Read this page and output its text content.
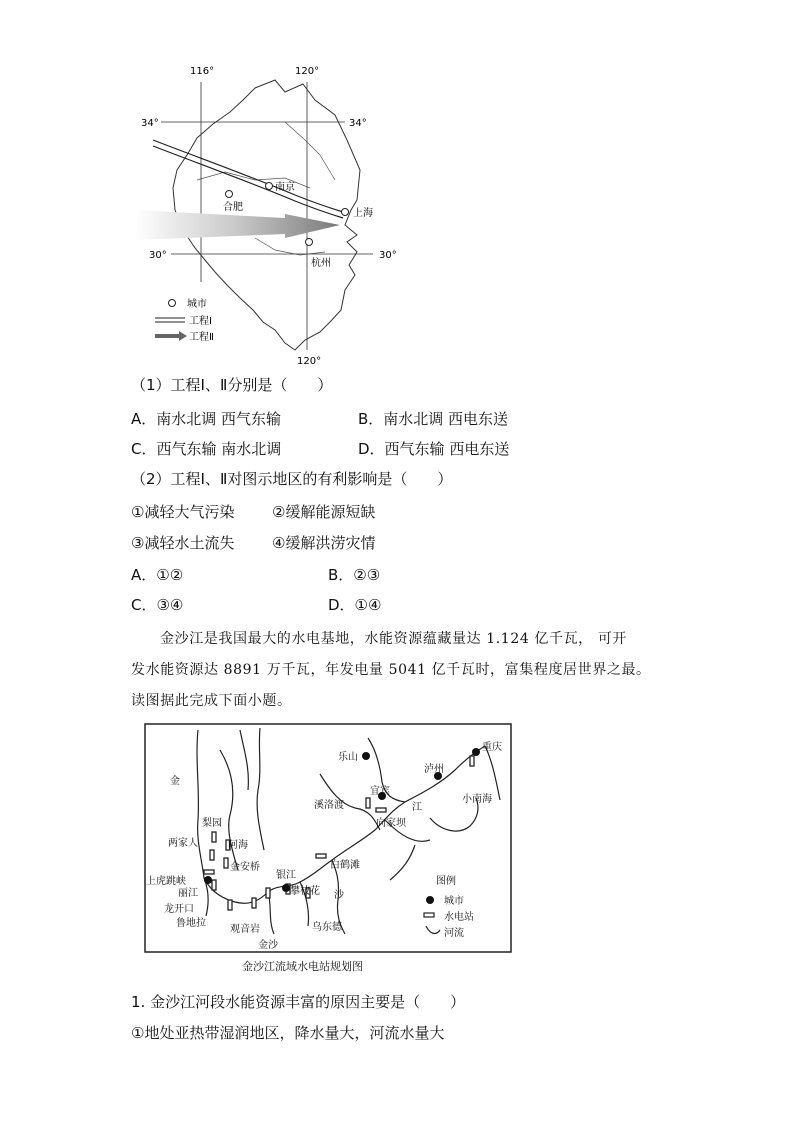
116°	120°
120°
34°	34°
30°	30°
南京
合肥
上海
杭州
城市
工程Ⅰ
工程Ⅱ
（1）工程Ⅰ、Ⅱ分别是（　　）
A．南水北调 西气东输	B．南水北调 西电东送
C．西气东输 南水北调	D．西气东输 西电东送
（2）工程Ⅰ、Ⅱ对图示地区的有利影响是（　　）
①减轻大气污染	②缓解能源短缺
③减轻水土流失	④缓解洪涝灾情
A．①②	B．②③
C．③④	D．①④
金沙江是我国最大的水电基地，水能资源蕴藏量达 1.124 亿千瓦， 可开
发水能资源达 8891 万千瓦，年发电量 5041 亿千瓦时，富集程度居世界之最。
读图据此完成下面小题。
金
沙
江
金沙
乐山
泸州
重庆
小南海
宜宾
溪洛渡
向家坝
白鹤滩
乌东德
梨园
阿海
两家人
金安桥
上虎跳峡
丽江
银江
攀枝花
龙开口
鲁地拉
观音岩
图例
城市
水电站
河流
金沙江流域水电站规划图
1. 金沙江河段水能资源丰富的原因主要是（　　）
①地处亚热带湿润地区，降水量大，河流水量大
